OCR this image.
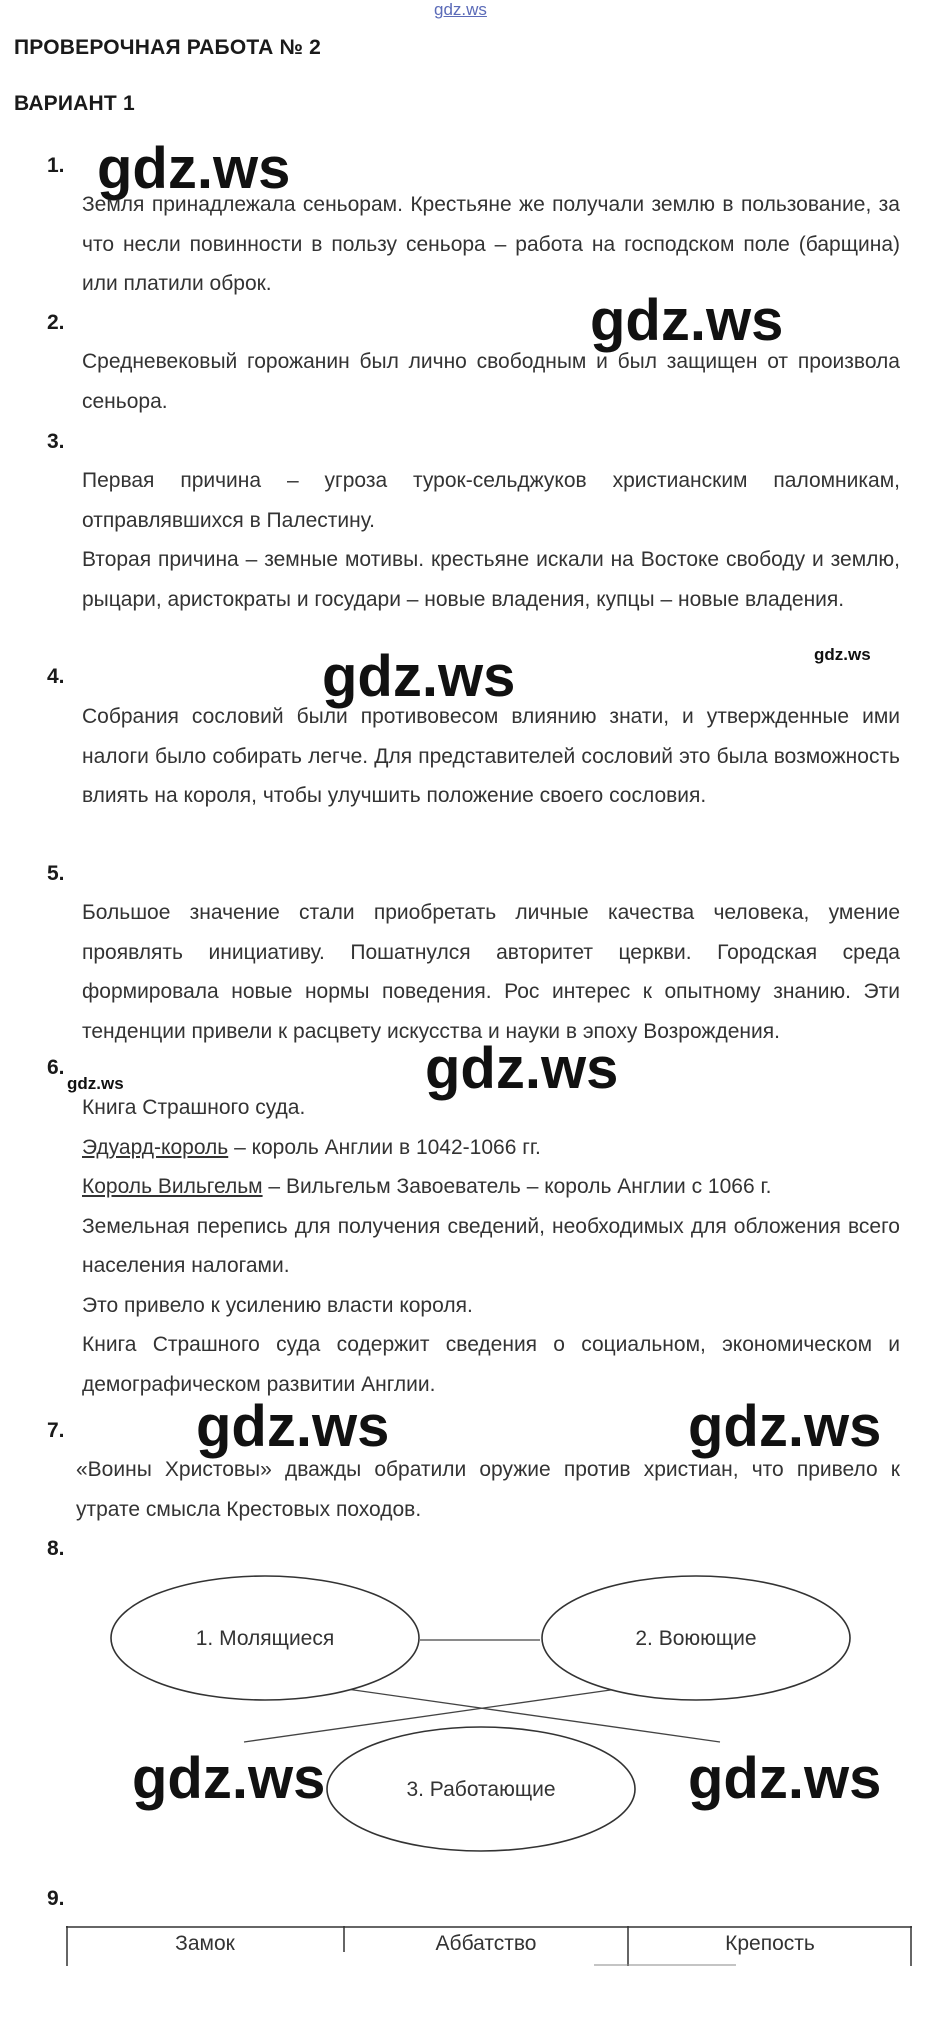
gdz.ws
ПРОВЕРОЧНАЯ РАБОТА № 2
ВАРИАНТ 1
1. gdz.ws

Земля принадлежала сеньорам. Крестьяне же получали землю в пользование, за что несли повинности в пользу сеньора – работа на господском поле (барщина) или платили оброк.

2.	gdz.ws

Средневековый горожанин был лично свободным и был защищен от произвола сеньора.

3.

Первая причина – угроза турок-сельджуков христианским паломникам, отправлявшихся в Палестину.

Вторая причина – земные мотивы. крестьяне искали на Востоке свободу и землю, рыцари, аристократы и государи – новые владения, купцы – новые владения.

4.	gdz.ws	gdz.ws

Собрания сословий были противовесом влиянию знати, и утвержденные ими налоги было собирать легче. Для представителей сословий это была возможность влиять на короля, чтобы улучшить положение своего сословия.

5.

Большое значение стали приобретать личные качества человека, умение проявлять инициативу. Пошатнулся авторитет церкви. Городская среда формировала новые нормы поведения. Рос интерес к опытному знанию. Эти тенденции привели к расцвету искусства и науки в эпоху Возрождения.

6.
gdz.ws	gdz.ws

Книга Страшного суда.

Эдуард-король – король Англии в 1042-1066 гг.

Король Вильгельм – Вильгельм Завоеватель – король Англии с 1066 г.

Земельная перепись для получения сведений, необходимых для обложения всего населения налогами.

Это привело к усилению власти короля.

Книга Страшного суда содержит сведения о социальном, экономическом и демографическом развитии Англии.

7. gdz.ws	gdz.ws

«Воины Христовы» дважды обратили оружие против христиан, что привело к утрате смысла Крестовых походов.

8.
1. Молящиеся	2. Воюющие
3. Работающие
gdz.ws	gdz.ws
9.
Замок	Аббатство	Крепость
